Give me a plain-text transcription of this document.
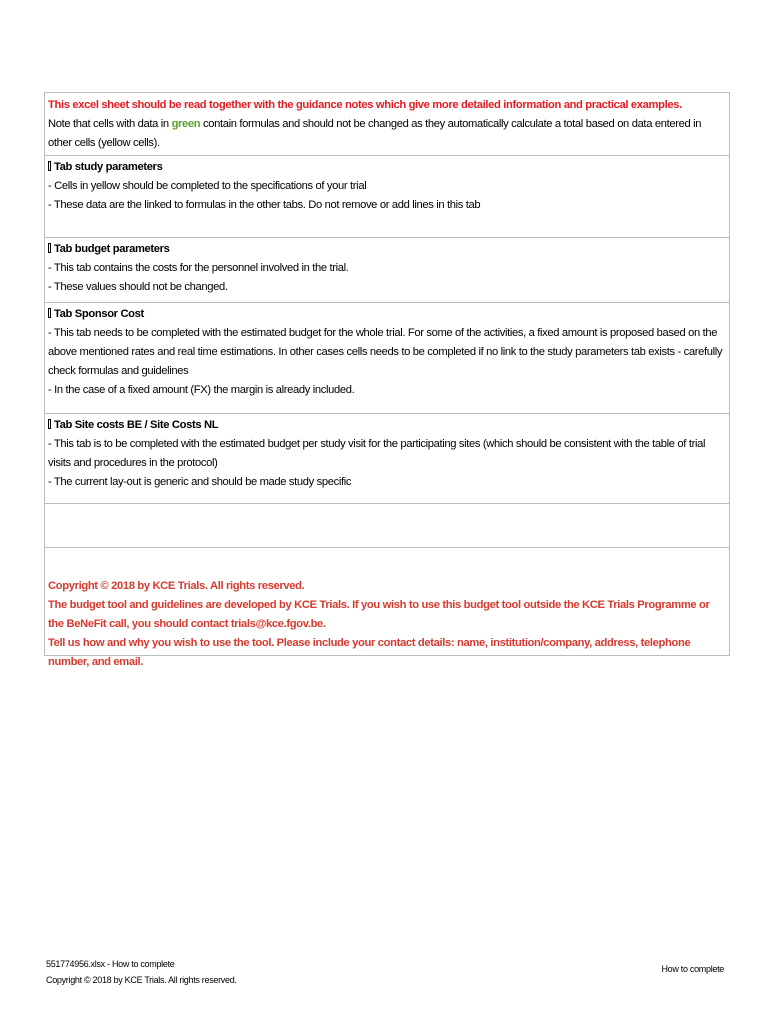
This excel sheet should be read together with the guidance notes which give more detailed information and practical examples.

Note that cells with data in green contain formulas and should not be changed as they automatically calculate a total based on data entered in other cells (yellow cells).

Tab study parameters

- Cells in yellow should be completed to the specifications of your trial

- These data are the linked to formulas in the other tabs. Do not remove or add lines in this tab

Tab budget parameters

- This tab contains the costs for the personnel involved in the trial.

- These values should not be changed.

Tab Sponsor Cost

- This tab needs to be completed with the estimated budget for the whole trial. For some of the activities, a fixed amount is proposed based on the above mentioned rates and real time estimations. In other cases cells needs to be completed if no link to the study parameters tab exists - carefully check formulas and guidelines

- In the case of a fixed amount (FX) the margin is already included.

Tab Site costs BE / Site Costs NL

- This tab is to be completed with the estimated budget per study visit for the participating sites (which should be consistent with the table of trial visits and procedures in the protocol)

- The current lay-out is generic and should be made study specific

Copyright © 2018 by KCE Trials. All rights reserved.

The budget tool and guidelines are developed by KCE Trials. If you wish to use this budget tool outside the KCE Trials Programme or the BeNeFit call, you should contact trials@kce.fgov.be.

Tell us how and why you wish to use the tool. Please include your contact details: name, institution/company, address, telephone number, and email.

551774956.xlsx - How to complete
Copyright © 2018 by KCE Trials. All rights reserved.
How to complete
